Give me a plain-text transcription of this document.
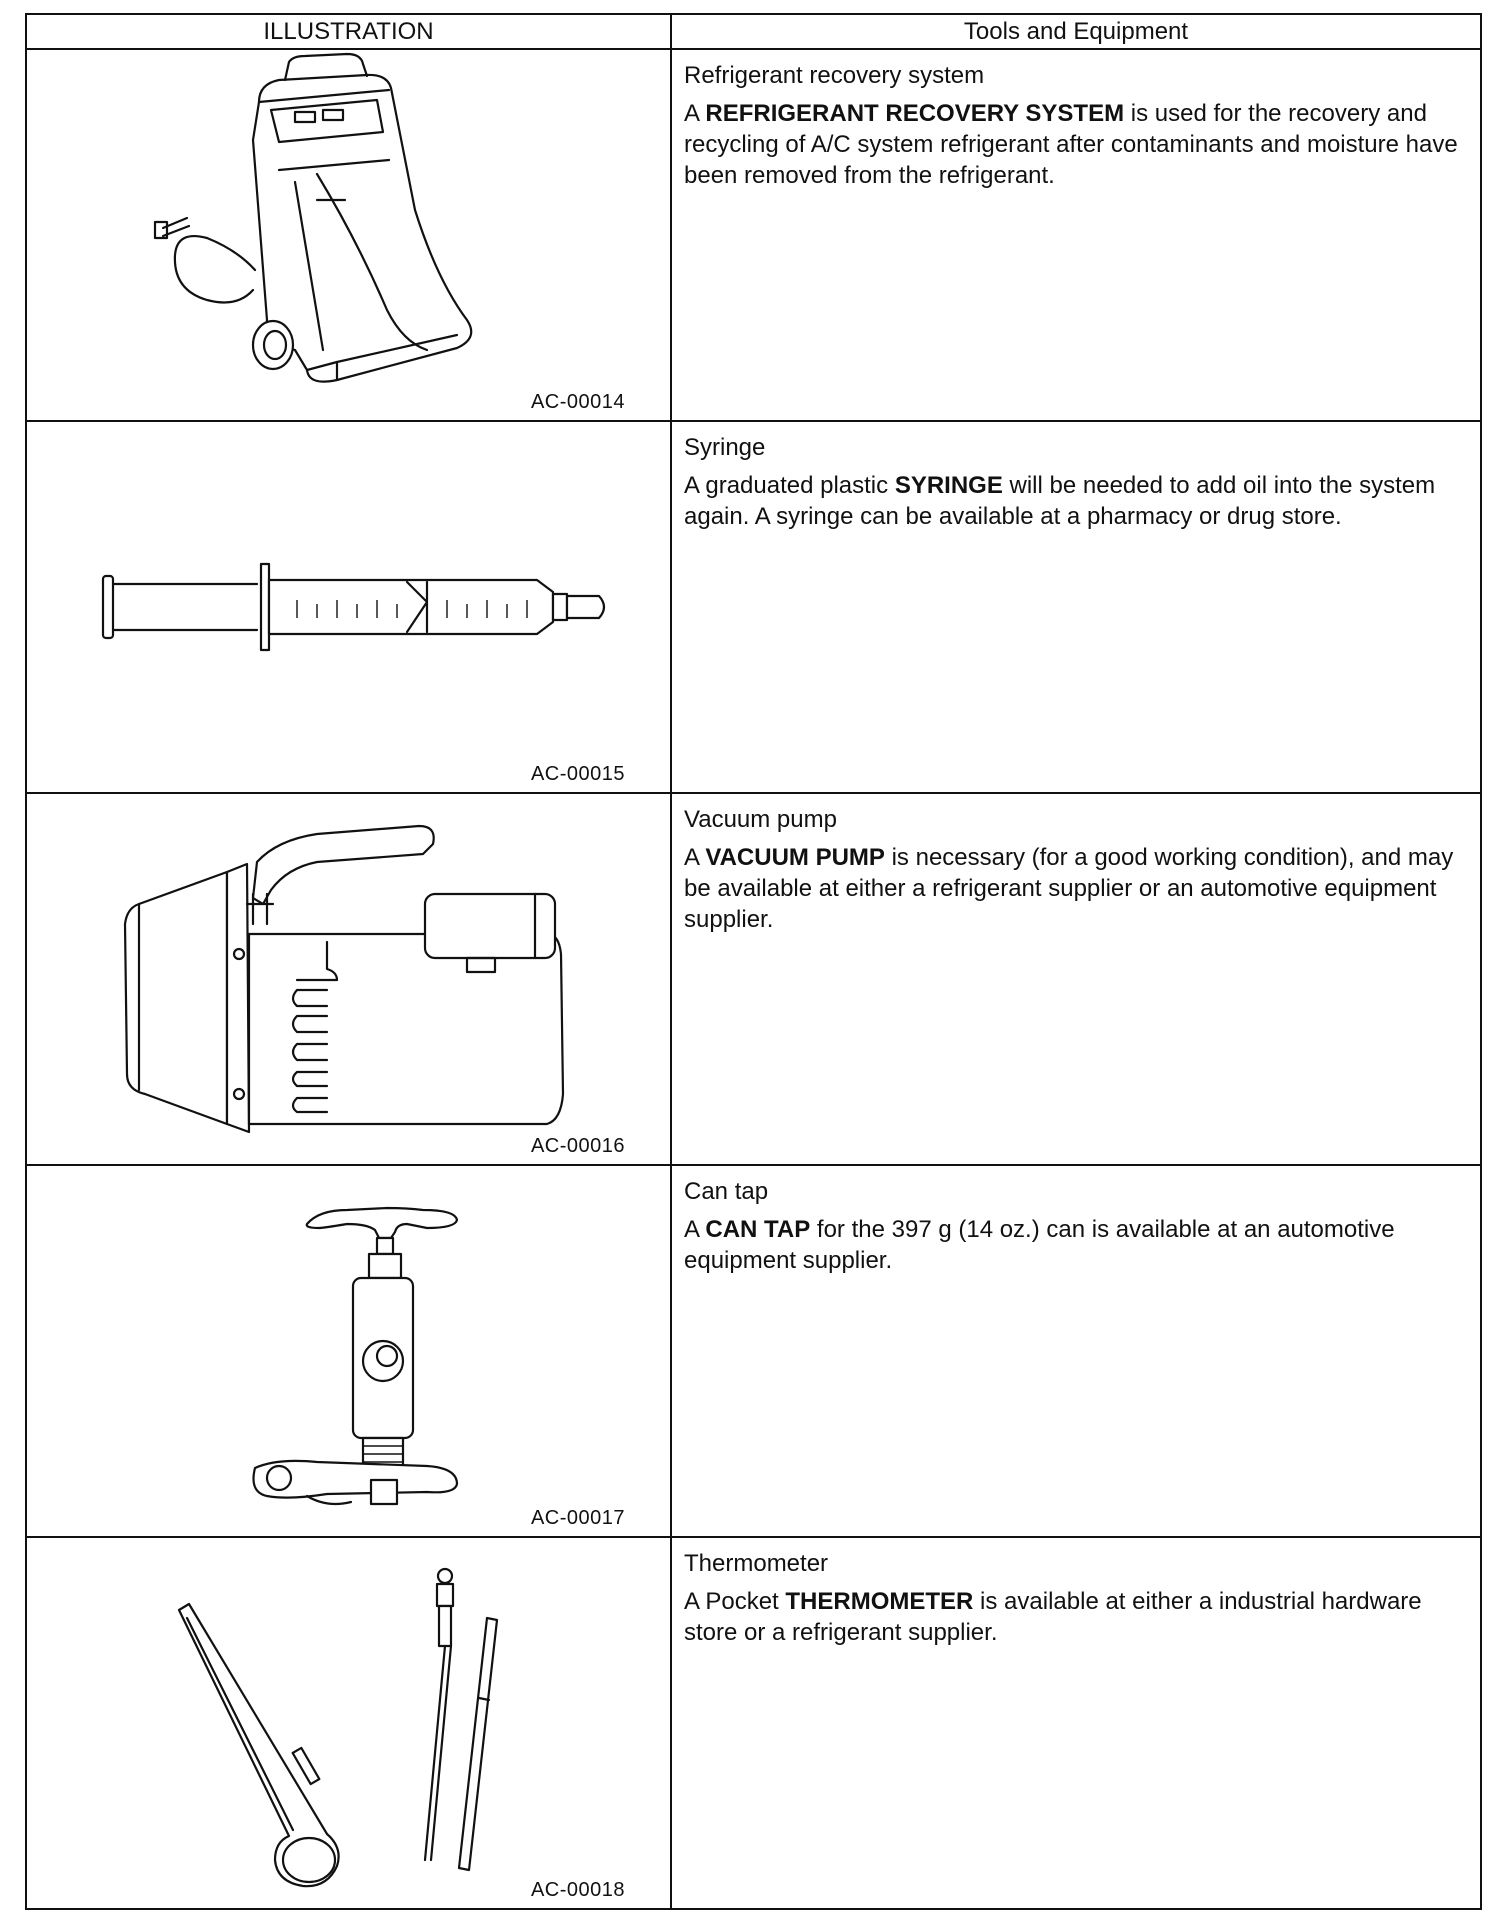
ILLUSTRATION	Tools and Equipment

AC-00014	Refrigerant recovery system
A REFRIGERANT RECOVERY SYSTEM is used for the recovery and recycling of A/C system refrigerant after contaminants and moisture have been removed from the refrigerant.

AC-00015	Syringe
A graduated plastic SYRINGE will be needed to add oil into the system again. A syringe can be available at a pharmacy or drug store.

AC-00016	Vacuum pump
A VACUUM PUMP is necessary (for a good working condition), and may be available at either a refrigerant supplier or an automotive equipment supplier.

AC-00017	Can tap
A CAN TAP for the 397 g (14 oz.) can is available at an automotive equipment supplier.

AC-00018	Thermometer
A Pocket THERMOMETER is available at either a industrial hardware store or a refrigerant supplier.
